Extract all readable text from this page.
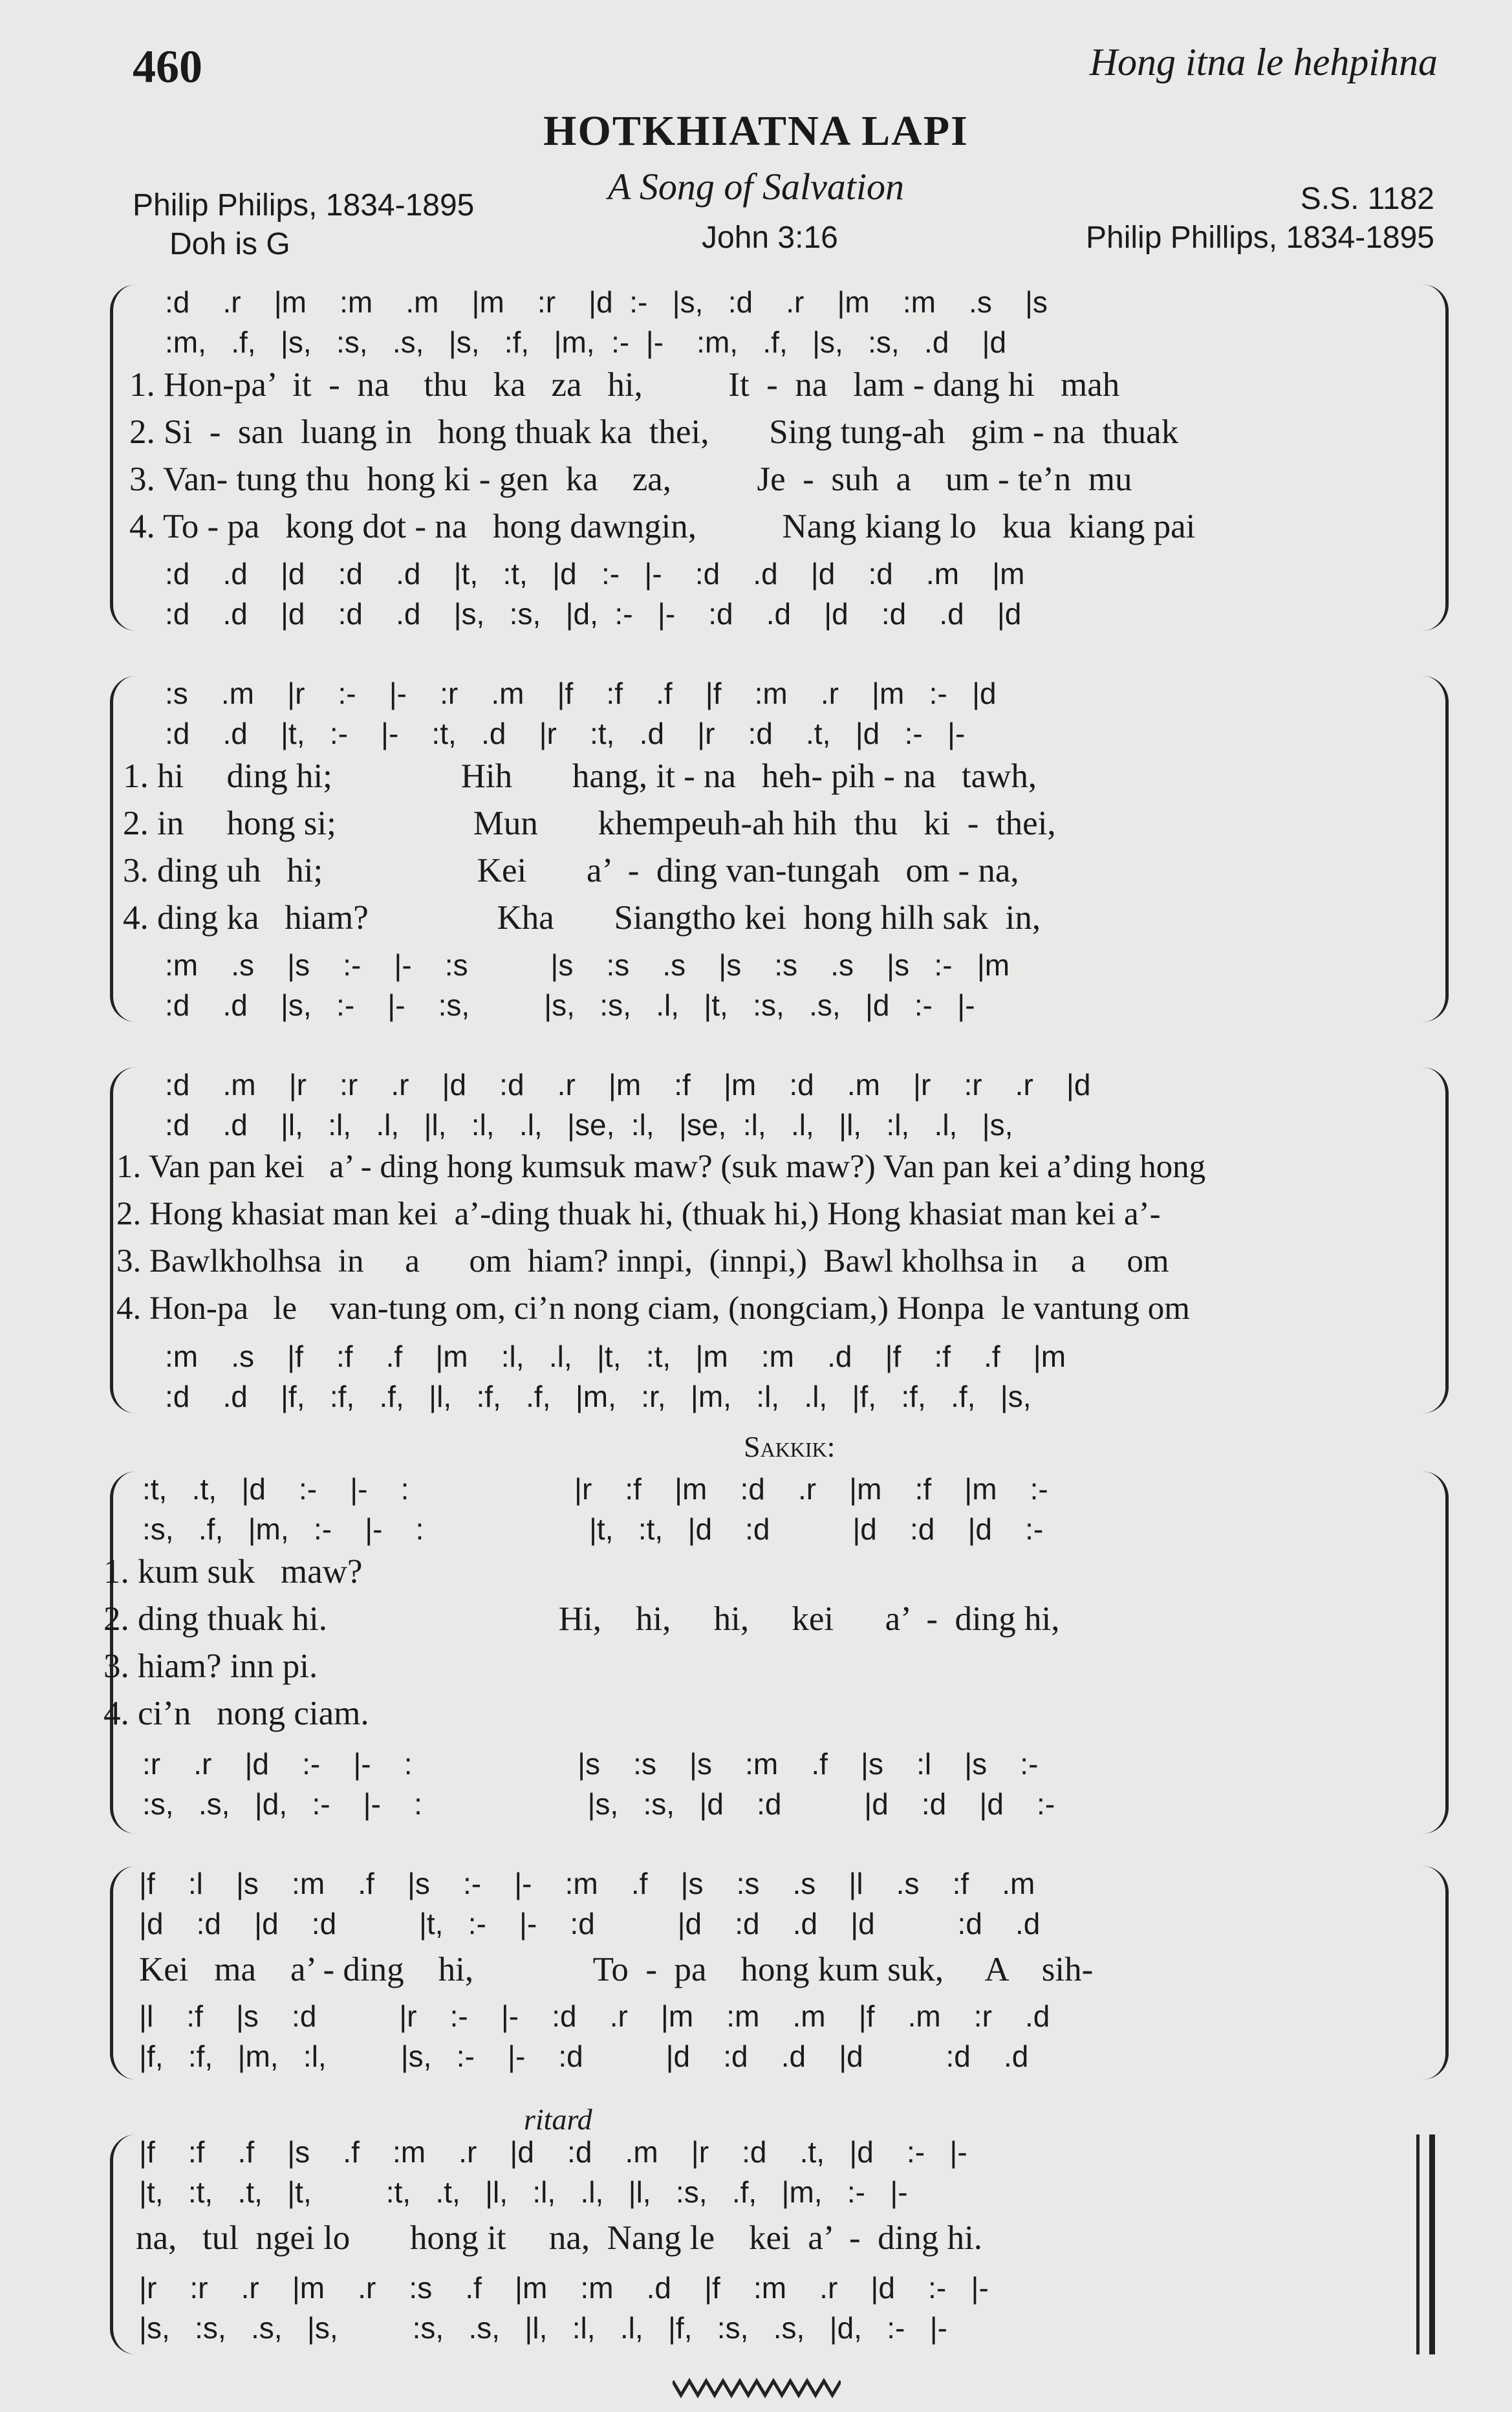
460	Hong itna le hehpihna
HOTKHIATNA LAPI
A Song of Salvation
Philip Philips, 1834-1895
Doh is G	John 3:16
S.S. 1182
Philip Phillips, 1834-1895
:d    .r    |m    :m    .m    |m    :r    |d  :-   |s,   :d    .r    |m    :m    .s    |s
:m,   .f,   |s,   :s,   .s,   |s,   :f,   |m,  :-  |-    :m,   .f,   |s,   :s,   .d    |d
1. Hon-pa’  it  -  na    thu   ka   za   hi,          It  -  na   lam - dang hi   mah
2. Si  -  san  luang in   hong thuak ka  thei,       Sing tung-ah   gim - na  thuak
3. Van- tung thu  hong ki - gen  ka    za,          Je  -  suh  a    um - te’n  mu
4. To - pa   kong dot - na   hong dawngin,          Nang kiang lo   kua  kiang pai
:d    .d    |d    :d    .d    |t,   :t,   |d   :-   |-    :d    .d    |d    :d    .m    |m
:d    .d    |d    :d    .d    |s,   :s,   |d,  :-   |-    :d    .d    |d    :d    .d    |d
:s    .m    |r    :-    |-    :r    .m    |f    :f    .f    |f    :m    .r    |m   :-   |d
:d    .d    |t,   :-    |-    :t,   .d    |r    :t,   .d    |r    :d    .t,   |d   :-   |-
1. hi     ding hi;               Hih       hang, it - na   heh- pih - na   tawh,
2. in     hong si;                Mun       khempeuh-ah hih  thu   ki  -  thei,
3. ding uh   hi;                  Kei       a’  -  ding van-tungah   om - na,
4. ding ka   hiam?               Kha       Siangtho kei  hong hilh sak  in,
:m    .s    |s    :-    |-    :s          |s    :s    .s    |s    :s    .s    |s   :-   |m
:d    .d    |s,   :-    |-    :s,         |s,   :s,   .l,   |t,   :s,   .s,   |d   :-   |-
:d    .m    |r    :r    .r    |d    :d    .r    |m    :f    |m    :d    .m    |r    :r    .r    |d
:d    .d    |l,   :l,   .l,   |l,   :l,   .l,   |se,  :l,   |se,  :l,   .l,   |l,   :l,   .l,   |s,
1. Van pan kei   a’ - ding hong kumsuk maw? (suk maw?) Van pan kei a’ding hong
2. Hong khasiat man kei  a’-ding thuak hi, (thuak hi,) Hong khasiat man kei a’-
3. Bawlkholhsa  in     a      om  hiam? innpi,  (innpi,)  Bawl kholhsa in    a     om
4. Hon-pa   le    van-tung om, ci’n nong ciam, (nongciam,) Honpa  le vantung om
:m    .s    |f    :f    .f    |m    :l,   .l,   |t,   :t,   |m    :m    .d    |f    :f    .f    |m
:d    .d    |f,   :f,   .f,   |l,   :f,   .f,   |m,   :r,   |m,   :l,   .l,   |f,   :f,   .f,   |s,
Sakkik:
:t,   .t,   |d    :-    |-    :                    |r    :f    |m    :d    .r    |m    :f    |m    :-
:s,   .f,   |m,   :-    |-    :                    |t,   :t,   |d    :d          |d    :d    |d    :-
1. kum suk   maw?
2. ding thuak hi.                           Hi,    hi,     hi,     kei      a’  -  ding hi,
3. hiam? inn pi.
4. ci’n   nong ciam.
:r    .r    |d    :-    |-    :                    |s    :s    |s    :m    .f    |s    :l    |s    :-
:s,   .s,   |d,   :-    |-    :                    |s,   :s,   |d    :d          |d    :d    |d    :-
|f    :l    |s    :m    .f    |s    :-    |-    :m    .f    |s    :s    .s    |l    .s    :f    .m
|d    :d    |d    :d          |t,   :-    |-    :d          |d    :d    .d    |d          :d    .d
Kei   ma    a’ - ding    hi,              To  -  pa    hong kum suk,     A    sih-
|l    :f    |s    :d          |r    :-    |-    :d    .r    |m    :m    .m    |f    .m    :r    .d
|f,   :f,   |m,   :l,         |s,   :-    |-    :d          |d    :d    .d    |d          :d    .d
ritard
|f    :f    .f    |s    .f    :m    .r    |d    :d    .m    |r    :d    .t,   |d    :-   |-
|t,   :t,   .t,   |t,         :t,   .t,   |l,   :l,   .l,   |l,   :s,   .f,   |m,   :-   |-
na,   tul  ngei lo       hong it     na,  Nang le    kei  a’  -  ding hi.
|r    :r    .r    |m    .r    :s    .f    |m    :m    .d    |f    :m    .r    |d    :-   |-
|s,   :s,   .s,   |s,         :s,   .s,   |l,   :l,   .l,   |f,   :s,   .s,   |d,   :-   |-
